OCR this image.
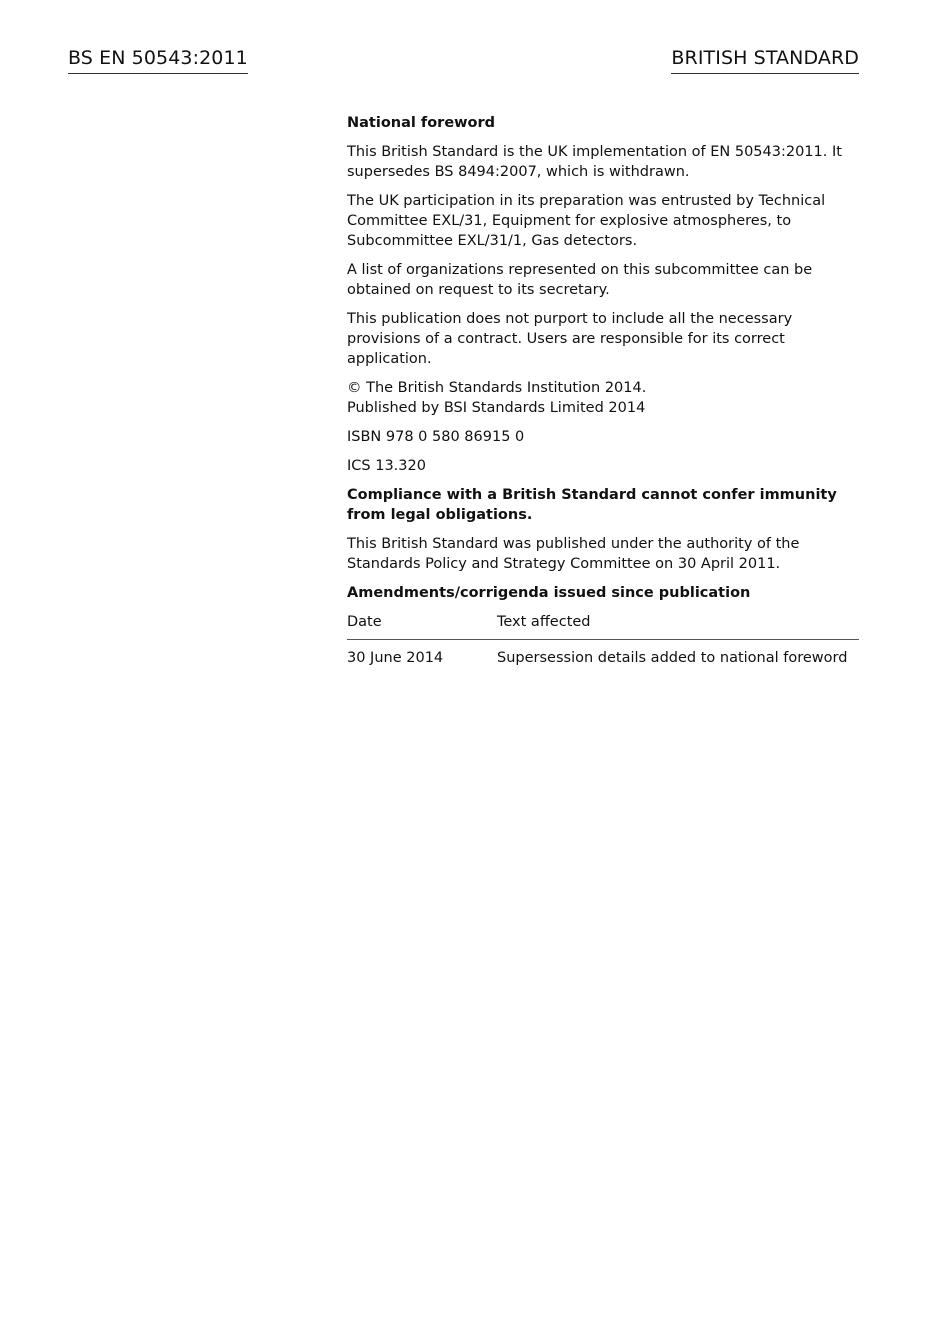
BS EN 50543:2011	BRITISH STANDARD

National foreword

This British Standard is the UK implementation of EN 50543:2011. It supersedes BS 8494:2007, which is withdrawn.

The UK participation in its preparation was entrusted by Technical Committee EXL/31, Equipment for explosive atmospheres, to Subcommittee EXL/31/1, Gas detectors.

A list of organizations represented on this subcommittee can be obtained on request to its secretary.

This publication does not purport to include all the necessary provisions of a contract. Users are responsible for its correct application.

© The British Standards Institution 2014.
Published by BSI Standards Limited 2014

ISBN 978 0 580 86915 0

ICS 13.320

Compliance with a British Standard cannot confer immunity from legal obligations.

This British Standard was published under the authority of the Standards Policy and Strategy Committee on 30 April 2011.

Amendments/corrigenda issued since publication

Date	Text affected
30 June 2014	Supersession details added to national foreword
